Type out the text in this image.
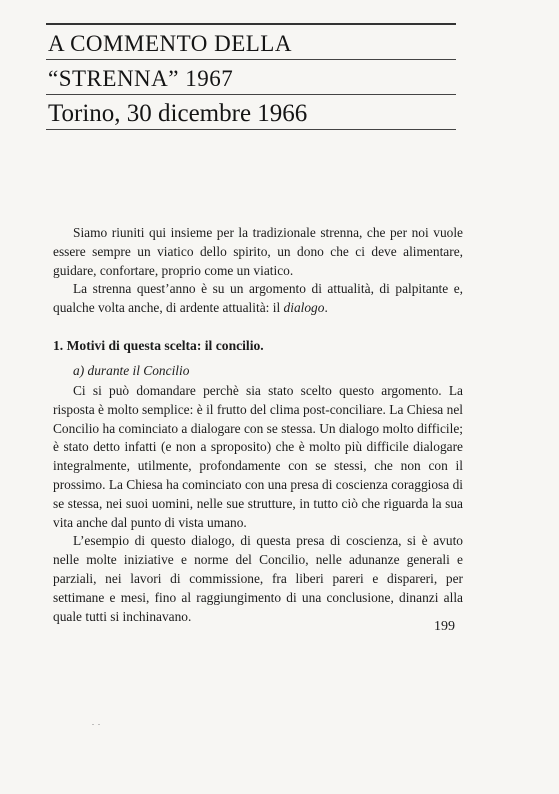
A COMMENTO DELLA
“STRENNA” 1967
Torino, 30 dicembre 1966

Siamo riuniti qui insieme per la tradizionale strenna, che per noi vuole essere sempre un viatico dello spirito, un dono che ci deve alimentare, guidare, confortare, proprio come un viatico.

La strenna quest’anno è su un argomento di attualità, di palpitante e, qualche volta anche, di ardente attualità: il dialogo.

1. Motivi di questa scelta: il concilio.
a) durante il Concilio

Ci si può domandare perchè sia stato scelto questo argomento. La risposta è molto semplice: è il frutto del clima post-conciliare. La Chiesa nel Concilio ha cominciato a dialogare con se stessa. Un dialogo molto difficile; è stato detto infatti (e non a sproposito) che è molto più difficile dialogare integralmente, utilmente, profondamente con se stessi, che non con il prossimo. La Chiesa ha cominciato con una presa di coscienza coraggiosa di se stessa, nei suoi uomini, nelle sue strutture, in tutto ciò che riguarda la sua vita anche dal punto di vista umano.

L’esempio di questo dialogo, di questa presa di coscienza, si è avuto nelle molte iniziative e norme del Concilio, nelle adunanze generali e parziali, nei lavori di commissione, fra liberi pareri e dispareri, per settimane e mesi, fino al raggiungimento di una conclusione, dinanzi alla quale tutti si inchinavano.

199
